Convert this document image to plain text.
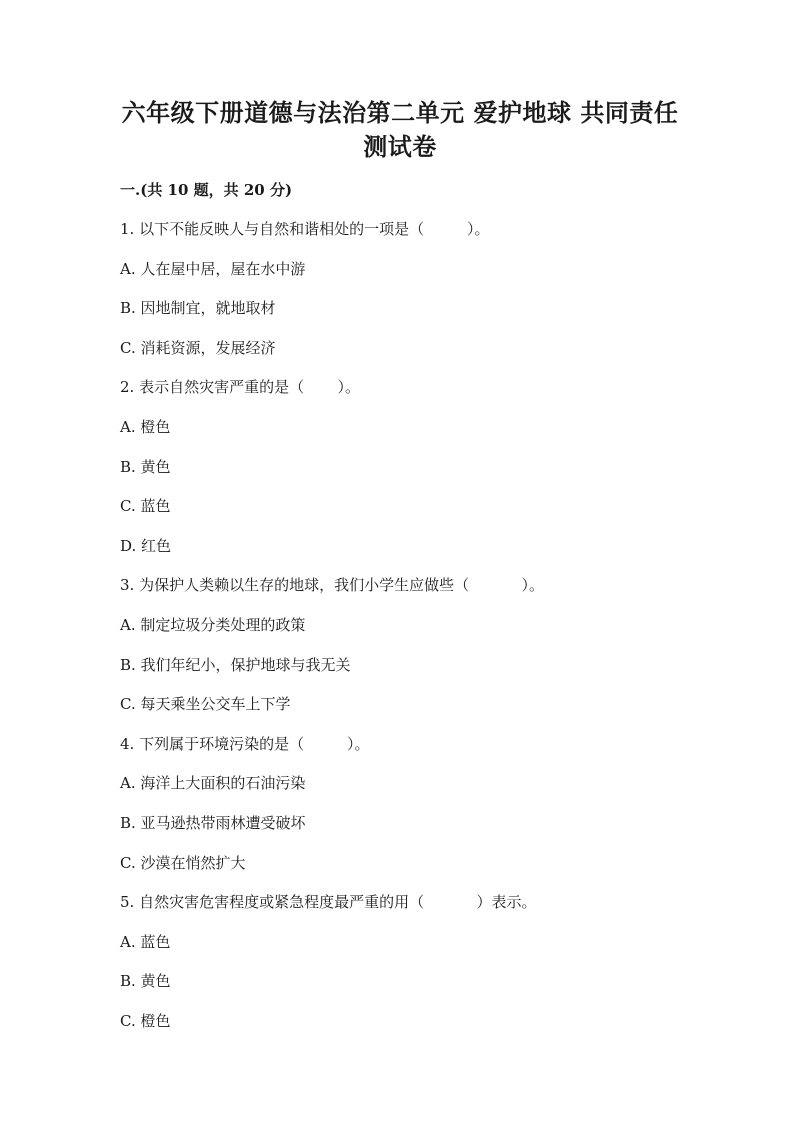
六年级下册道德与法治第二单元 爱护地球 共同责任 测试卷
一.(共 10 题，共 20 分)
1. 以下不能反映人与自然和谐相处的一项是（         ）。
A. 人在屋中居，屋在水中游
B. 因地制宜，就地取材
C. 消耗资源，发展经济
2. 表示自然灾害严重的是（       ）。
A. 橙色
B. 黄色
C. 蓝色
D. 红色
3. 为保护人类赖以生存的地球，我们小学生应做些（           ）。
A. 制定垃圾分类处理的政策
B. 我们年纪小，保护地球与我无关
C. 每天乘坐公交车上下学
4. 下列属于环境污染的是（         ）。
A. 海洋上大面积的石油污染
B. 亚马逊热带雨林遭受破坏
C. 沙漠在悄然扩大
5. 自然灾害危害程度或紧急程度最严重的用（           ）表示。
A. 蓝色
B. 黄色
C. 橙色
